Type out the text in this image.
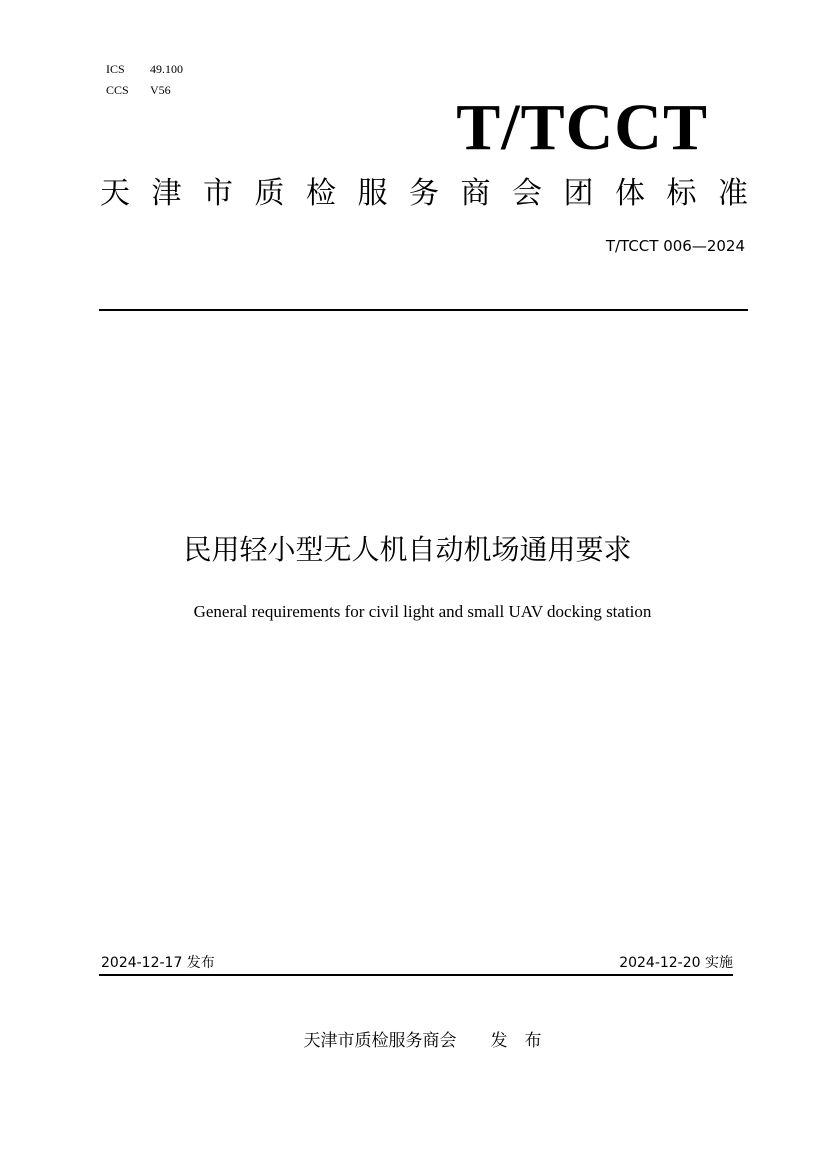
ICS 49.100

CCS V56

T/TCCT
天 津 市 质 检 服 务 商 会 团 体 标 准
T/TCCT 006—2024
民用轻小型无人机自动机场通用要求
General requirements for civil light and small UAV docking station
2024-12-17 发布	2024-12-20 实施
天津市质检服务商会　　 发　布
